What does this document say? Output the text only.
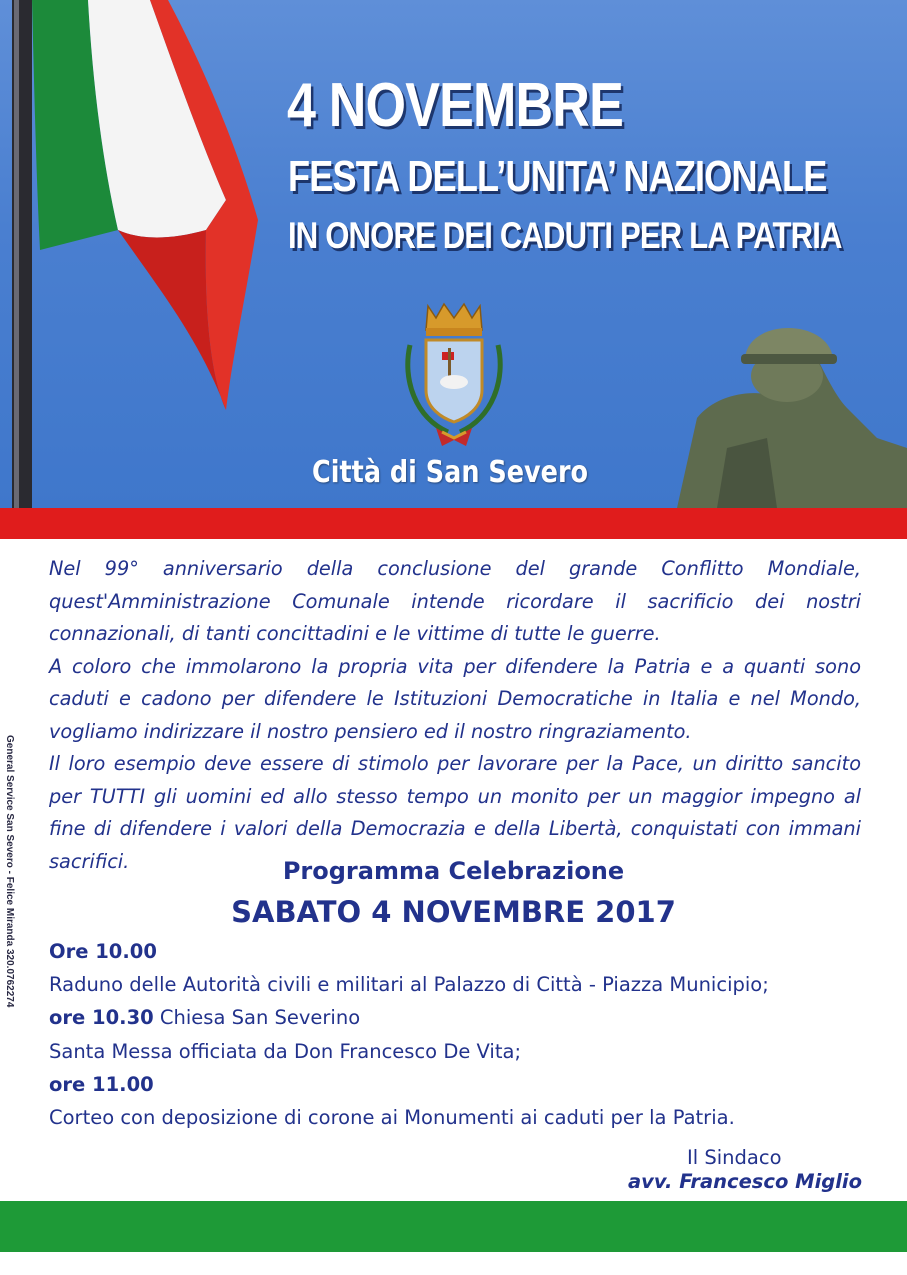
4 NOVEMBRE
FESTA DELL’UNITA’ NAZIONALE
IN ONORE DEI CADUTI PER LA PATRIA
Città di San Severo
General Service San Severo - Felice Miranda 320.0762274

Nel 99° anniversario della conclusione del grande Conflitto Mondiale, quest'Amministrazione Comunale intende ricordare il sacrificio dei nostri connazionali, di tanti concittadini e le vittime di tutte le guerre.

A coloro che immolarono la propria vita per difendere la Patria e a quanti sono caduti e cadono per difendere le Istituzioni Democratiche in Italia e nel Mondo, vogliamo indirizzare il nostro pensiero ed il nostro ringraziamento.

Il loro esempio deve essere di stimolo per lavorare per la Pace, un diritto sancito per TUTTI gli uomini ed allo stesso tempo un monito per un maggior impegno al fine di difendere i valori della Democrazia e della Libertà, conquistati con immani sacrifici.	Programma Celebrazione
SABATO 4 NOVEMBRE 2017
Ore 10.00
Raduno delle Autorità civili e militari al Palazzo di Città - Piazza Municipio;
ore 10.30 Chiesa San Severino
Santa Messa officiata da Don Francesco De Vita;
ore 11.00
Corteo con deposizione di corone ai Monumenti ai caduti per la Patria.
Il Sindaco
avv. Francesco Miglio
